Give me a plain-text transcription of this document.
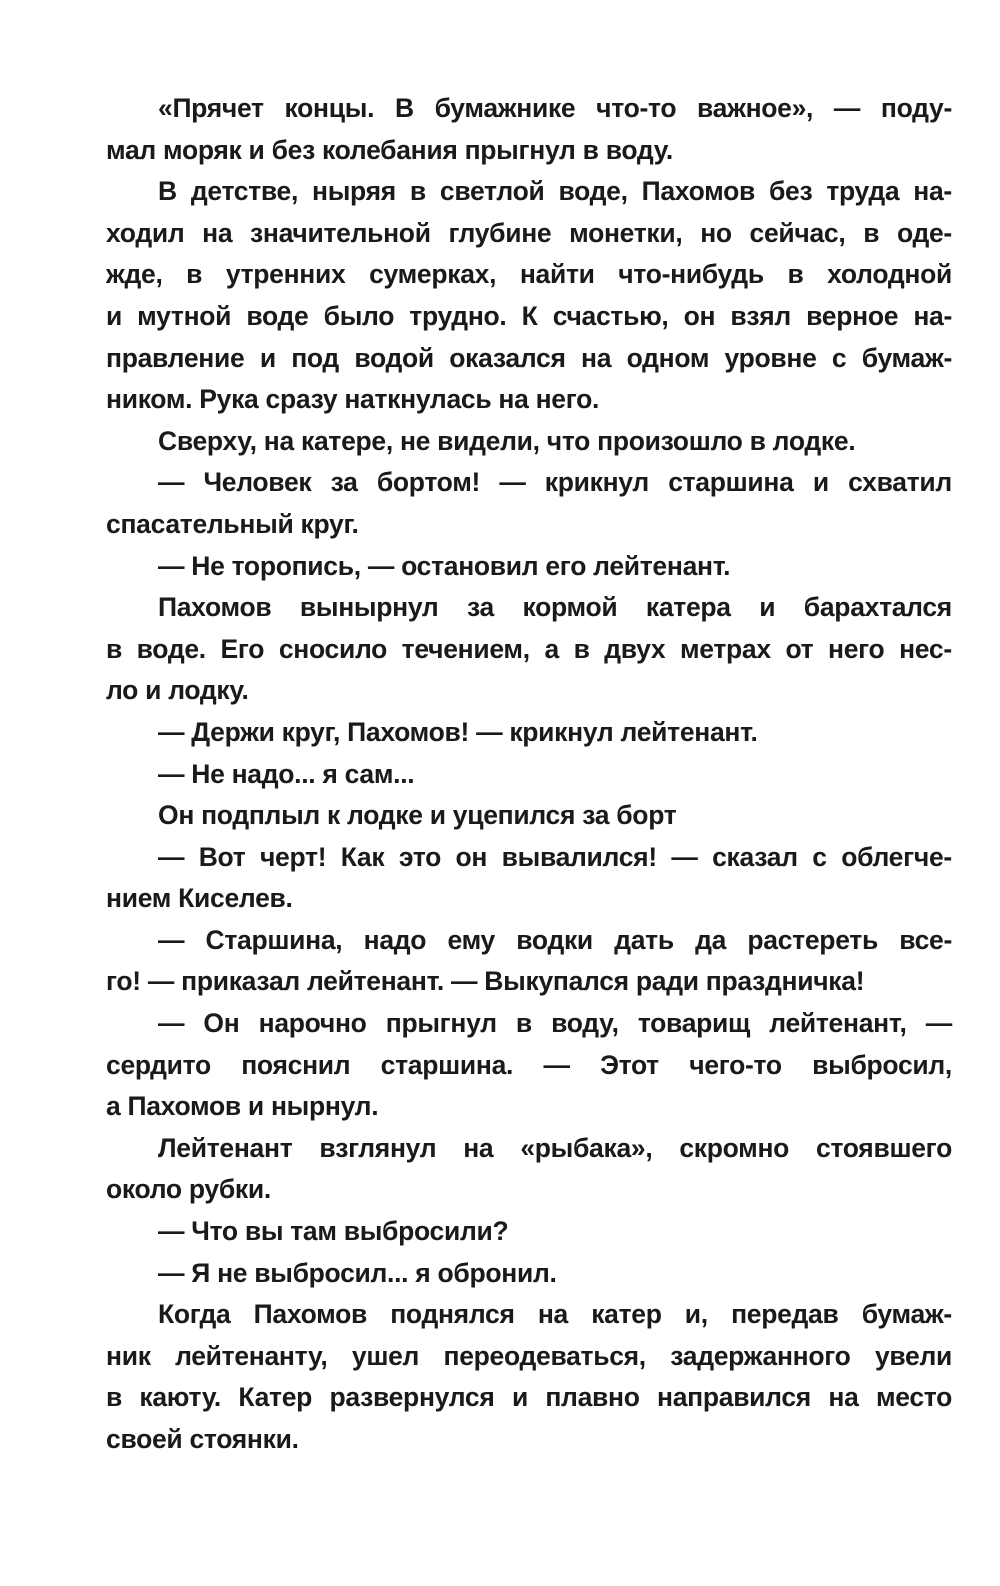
«Прячет концы. В бумажнике что-то важное», — поду-
мал моряк и без колебания прыгнул в воду.
В детстве, ныряя в светлой воде, Пахомов без труда на-
ходил на значительной глубине монетки, но сейчас, в оде-
жде, в утренних сумерках, найти что-нибудь в холодной
и мутной воде было трудно. К счастью, он взял верное на-
правление и под водой оказался на одном уровне с бумаж-
ником. Рука сразу наткнулась на него.
Сверху, на катере, не видели, что произошло в лодке.
— Человек за бортом! — крикнул старшина и схватил
спасательный круг.
— Не торопись, — остановил его лейтенант.
Пахомов вынырнул за кормой катера и барахтался
в воде. Его сносило течением, а в двух метрах от него нес-
ло и лодку.
— Держи круг, Пахомов! — крикнул лейтенант.
— Не надо... я сам...
Он подплыл к лодке и уцепился за борт
— Вот черт! Как это он вывалился! — сказал с облегче-
нием Киселев.
— Старшина, надо ему водки дать да растереть все-
го! — приказал лейтенант. — Выкупался ради праздничка!
— Он нарочно прыгнул в воду, товарищ лейтенант, —
сердито пояснил старшина. — Этот чего-то выбросил,
а Пахомов и нырнул.
Лейтенант взглянул на «рыбака», скромно стоявшего
около рубки.
— Что вы там выбросили?
— Я не выбросил... я обронил.
Когда Пахомов поднялся на катер и, передав бумаж-
ник лейтенанту, ушел переодеваться, задержанного увели
в каюту. Катер развернулся и плавно направился на место
своей стоянки.
